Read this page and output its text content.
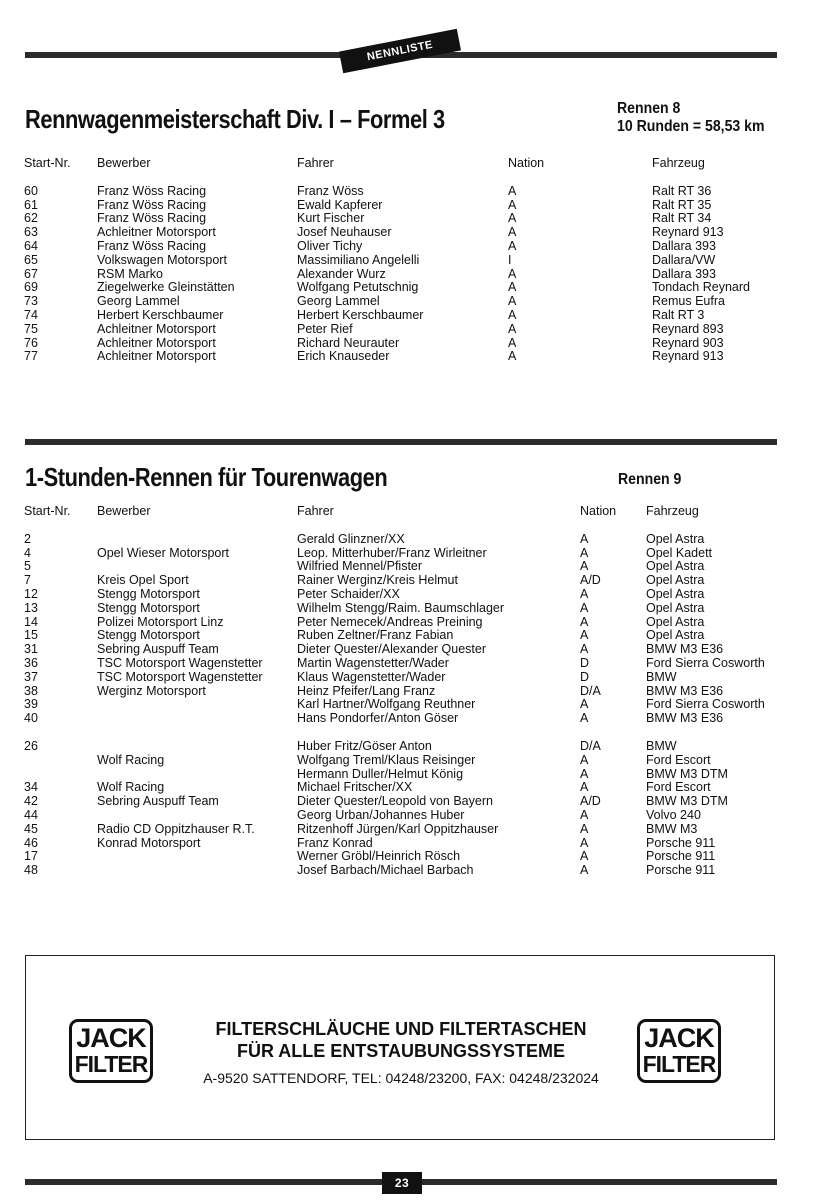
NENNLISTE
Rennwagenmeisterschaft Div. I – Formel 3	Rennen 8
10 Runden = 58,53 km
Start-Nr.	Bewerber	Fahrer	Nation	Fahrzeug
60	Franz Wöss Racing	Franz Wöss	A	Ralt RT 36
61	Franz Wöss Racing	Ewald Kapferer	A	Ralt RT 35
62	Franz Wöss Racing	Kurt Fischer	A	Ralt RT 34
63	Achleitner Motorsport	Josef Neuhauser	A	Reynard 913
64	Franz Wöss Racing	Oliver Tichy	A	Dallara 393
65	Volkswagen Motorsport	Massimiliano Angelelli	I	Dallara/VW
67	RSM Marko	Alexander Wurz	A	Dallara 393
69	Ziegelwerke Gleinstätten	Wolfgang Petutschnig	A	Tondach Reynard
73	Georg Lammel	Georg Lammel	A	Remus Eufra
74	Herbert Kerschbaumer	Herbert Kerschbaumer	A	Ralt RT 3
75	Achleitner Motorsport	Peter Rief	A	Reynard 893
76	Achleitner Motorsport	Richard Neurauter	A	Reynard 903
77	Achleitner Motorsport	Erich Knauseder	A	Reynard 913
1-Stunden-Rennen für Tourenwagen	Rennen 9
Start-Nr.	Bewerber	Fahrer	Nation	Fahrzeug
2		Gerald Glinzner/XX	A	Opel Astra
4	Opel Wieser Motorsport	Leop. Mitterhuber/Franz Wirleitner	A	Opel Kadett
5		Wilfried Mennel/Pfister	A	Opel Astra
7	Kreis Opel Sport	Rainer Werginz/Kreis Helmut	A/D	Opel Astra
12	Stengg Motorsport	Peter Schaider/XX	A	Opel Astra
13	Stengg Motorsport	Wilhelm Stengg/Raim. Baumschlager	A	Opel Astra
14	Polizei Motorsport Linz	Peter Nemecek/Andreas Preining	A	Opel Astra
15	Stengg Motorsport	Ruben Zeltner/Franz Fabian	A	Opel Astra
31	Sebring Auspuff Team	Dieter Quester/Alexander Quester	A	BMW M3 E36
36	TSC Motorsport Wagenstetter	Martin Wagenstetter/Wader	D	Ford Sierra Cosworth
37	TSC Motorsport Wagenstetter	Klaus Wagenstetter/Wader	D	BMW
38	Werginz Motorsport	Heinz Pfeifer/Lang Franz	D/A	BMW M3 E36
39		Karl Hartner/Wolfgang Reuthner	A	Ford Sierra Cosworth
40		Hans Pondorfer/Anton Göser	A	BMW M3 E36

26		Huber Fritz/Göser Anton	D/A	BMW
	Wolf Racing	Wolfgang Treml/Klaus Reisinger	A	Ford Escort
		Hermann Duller/Helmut König	A	BMW M3 DTM
34	Wolf Racing	Michael Fritscher/XX	A	Ford Escort
42	Sebring Auspuff Team	Dieter Quester/Leopold von Bayern	A/D	BMW M3 DTM
44		Georg Urban/Johannes Huber	A	Volvo 240
45	Radio CD Oppitzhauser R.T.	Ritzenhoff Jürgen/Karl Oppitzhauser	A	BMW M3
46	Konrad Motorsport	Franz Konrad	A	Porsche 911
17		Werner Gröbl/Heinrich Rösch	A	Porsche 911
48		Josef Barbach/Michael Barbach	A	Porsche 911
JACK
FILTER
FILTERSCHLÄUCHE UND FILTERTASCHEN
FÜR ALLE ENTSTAUBUNGSSYSTEME
A-9520 SATTENDORF, TEL: 04248/23200, FAX: 04248/232024
JACK
FILTER
23
